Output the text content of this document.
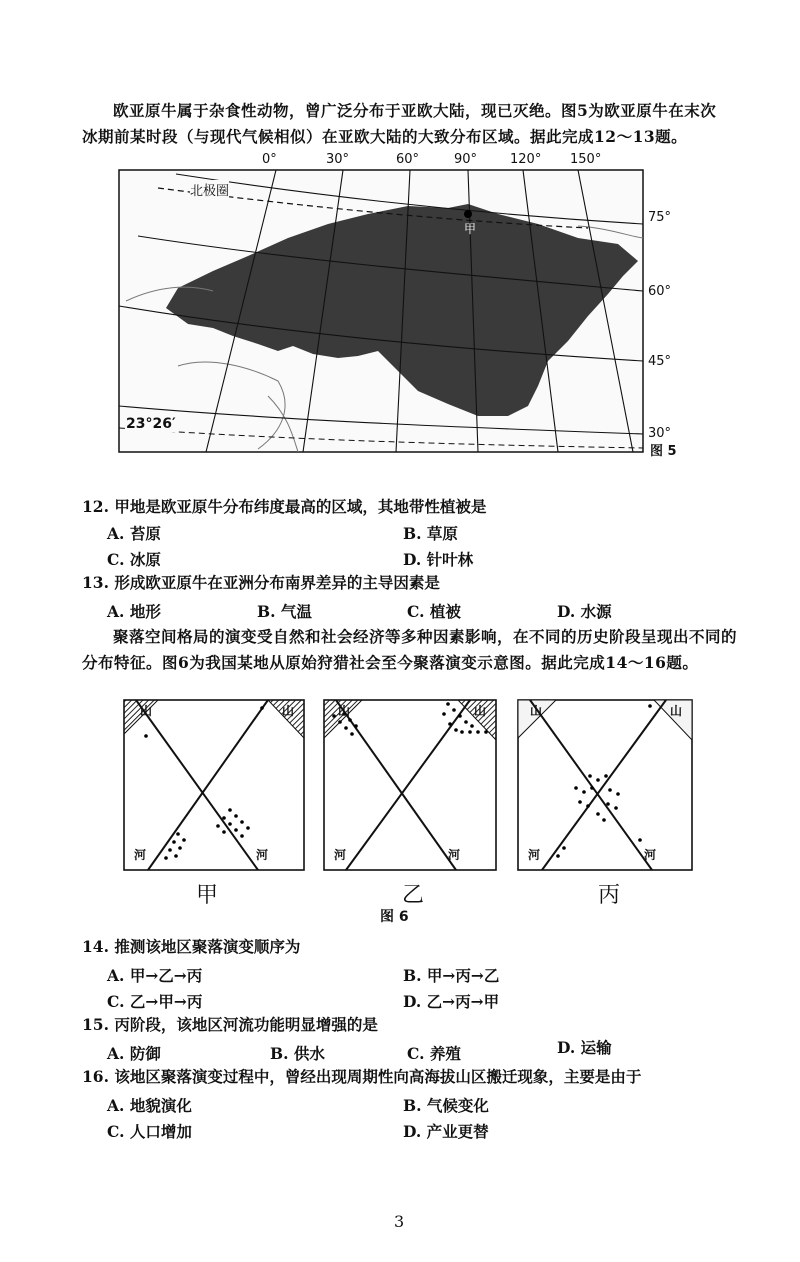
欧亚原牛属于杂食性动物，曾广泛分布于亚欧大陆，现已灭绝。图5为欧亚原牛在末次冰期前某时段（与现代气候相似）在亚欧大陆的大致分布区域。据此完成12～13题。
0°	30°	60°	90°	120° 150°
75°
60°
45°
30°
北极圈
23°26′
甲
图 5
12. 甲地是欧亚原牛分布纬度最高的区域，其地带性植被是
A. 苔原	B. 草原
C. 冰原	D. 针叶林
13. 形成欧亚原牛在亚洲分布南界差异的主导因素是
A. 地形	B. 气温	C. 植被	D. 水源
聚落空间格局的演变受自然和社会经济等多种因素影响，在不同的历史阶段呈现出不同的分布特征。图6为我国某地从原始狩猎社会至今聚落演变示意图。据此完成14～16题。
山	山
河	河
山	山
河	河
山	山
河	河
甲	乙	丙
图 6
14. 推测该地区聚落演变顺序为
A. 甲→乙→丙	B. 甲→丙→乙
C. 乙→甲→丙	D. 乙→丙→甲
15. 丙阶段，该地区河流功能明显增强的是
A. 防御	B. 供水	C. 养殖	D. 运输
16. 该地区聚落演变过程中，曾经出现周期性向高海拔山区搬迁现象，主要是由于
A. 地貌演化	B. 气候变化
C. 人口增加	D. 产业更替
3
